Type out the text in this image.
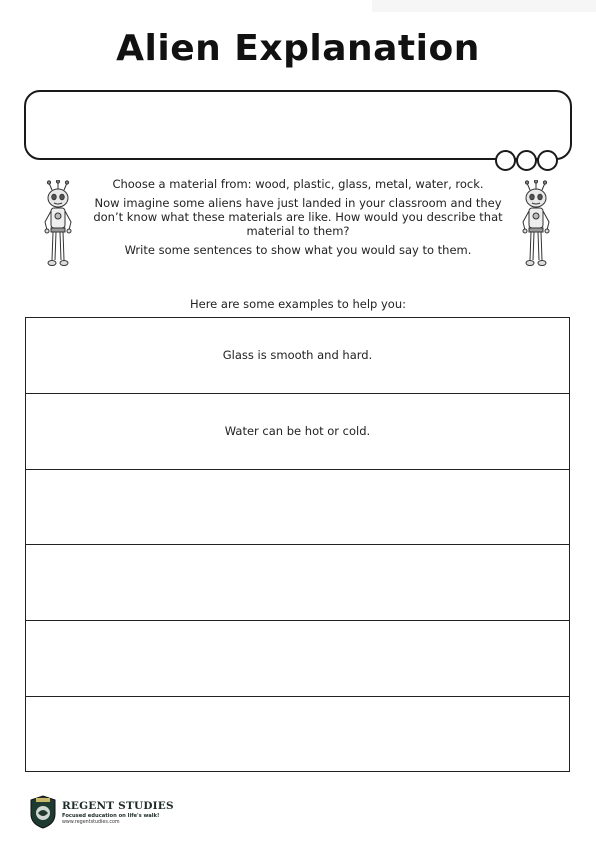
Alien Explanation

Choose a material from: wood, plastic, glass, metal, water, rock.

Now imagine some aliens have just landed in your classroom and they don’t know what these materials are like. How would you describe that material to them?

Write some sentences to show what you would say to them.

Here are some examples to help you:
Glass is smooth and hard.
Water can be hot or cold.
REGENT STUDIES
Focused education on life's walk!
www.regentstudies.com
